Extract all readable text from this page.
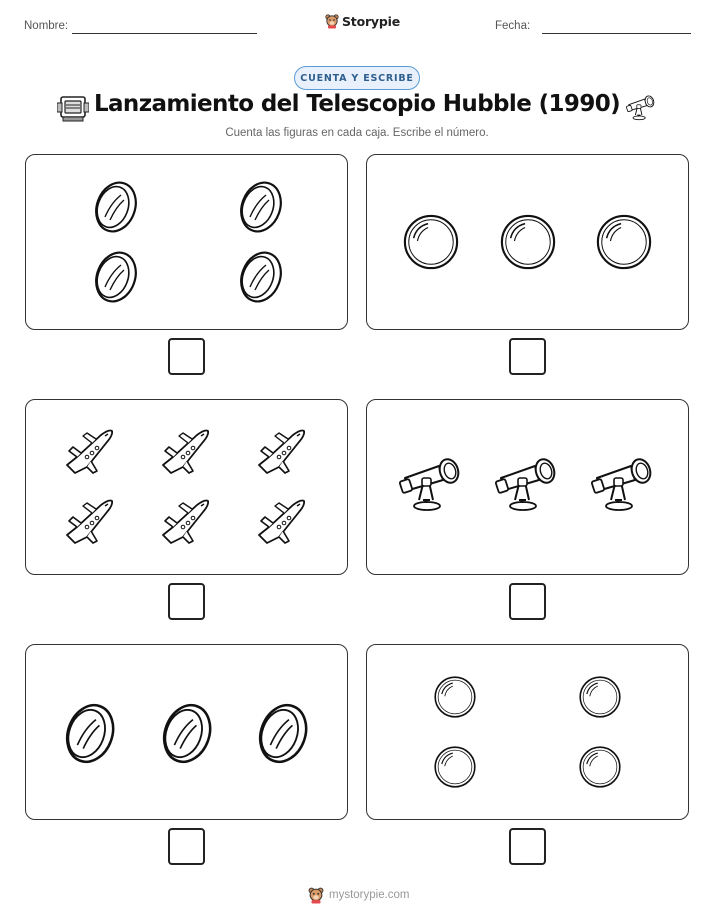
Nombre:	Storypie	Fecha:
CUENTA Y ESCRIBE
Lanzamiento del Telescopio Hubble (1990)
Cuenta las figuras en cada caja. Escribe el número.
mystorypie.com
